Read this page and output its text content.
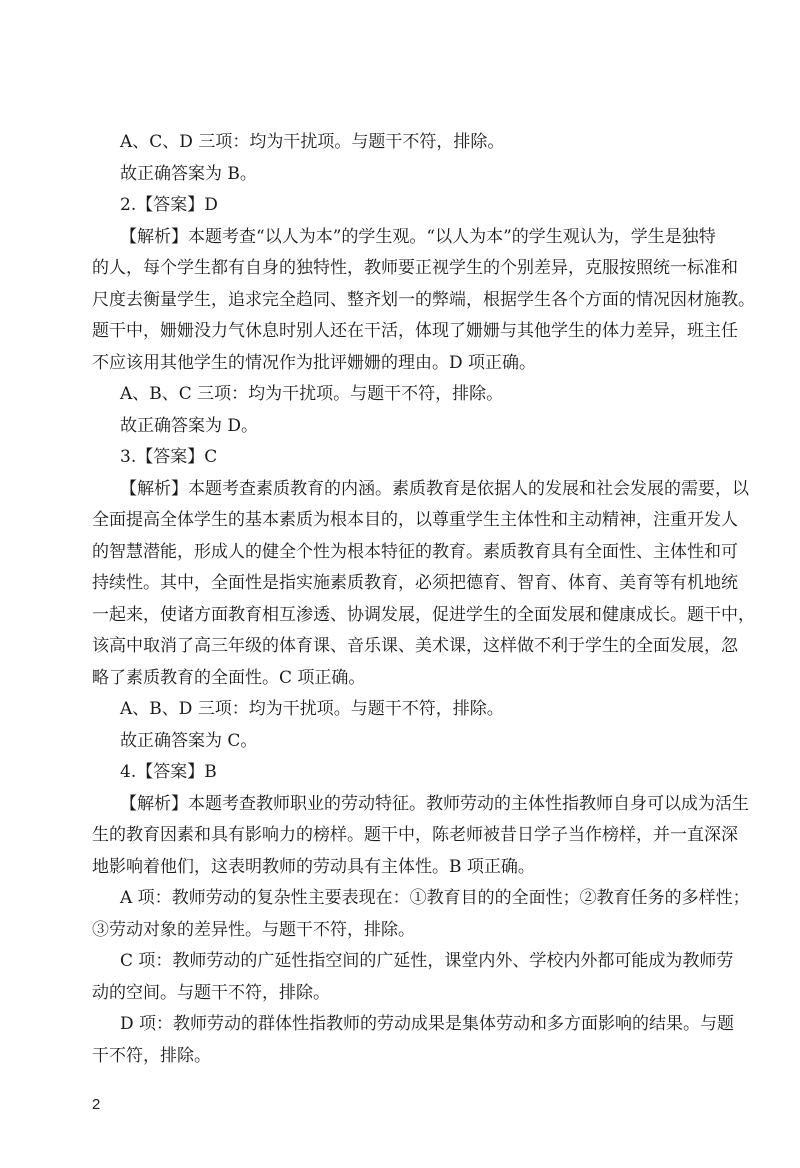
A、C、D 三项：均为干扰项。与题干不符，排除。
故正确答案为 B。
2.【答案】D
【解析】本题考查“以人为本”的学生观。“以人为本”的学生观认为，学生是独特
的人，每个学生都有自身的独特性，教师要正视学生的个别差异，克服按照统一标准和
尺度去衡量学生，追求完全趋同、整齐划一的弊端，根据学生各个方面的情况因材施教。
题干中，姗姗没力气休息时别人还在干活，体现了姗姗与其他学生的体力差异，班主任
不应该用其他学生的情况作为批评姗姗的理由。D 项正确。
A、B、C 三项：均为干扰项。与题干不符，排除。
故正确答案为 D。
3.【答案】C
【解析】本题考查素质教育的内涵。素质教育是依据人的发展和社会发展的需要，以
全面提高全体学生的基本素质为根本目的，以尊重学生主体性和主动精神，注重开发人
的智慧潜能，形成人的健全个性为根本特征的教育。素质教育具有全面性、主体性和可
持续性。其中，全面性是指实施素质教育，必须把德育、智育、体育、美育等有机地统
一起来，使诸方面教育相互渗透、协调发展，促进学生的全面发展和健康成长。题干中，
该高中取消了高三年级的体育课、音乐课、美术课，这样做不利于学生的全面发展，忽
略了素质教育的全面性。C 项正确。
A、B、D 三项：均为干扰项。与题干不符，排除。
故正确答案为 C。
4.【答案】B
【解析】本题考查教师职业的劳动特征。教师劳动的主体性指教师自身可以成为活生
生的教育因素和具有影响力的榜样。题干中，陈老师被昔日学子当作榜样，并一直深深
地影响着他们，这表明教师的劳动具有主体性。B 项正确。
A 项：教师劳动的复杂性主要表现在：①教育目的的全面性；②教育任务的多样性；
③劳动对象的差异性。与题干不符，排除。
C 项：教师劳动的广延性指空间的广延性，课堂内外、学校内外都可能成为教师劳
动的空间。与题干不符，排除。
D 项：教师劳动的群体性指教师的劳动成果是集体劳动和多方面影响的结果。与题
干不符，排除。
2
